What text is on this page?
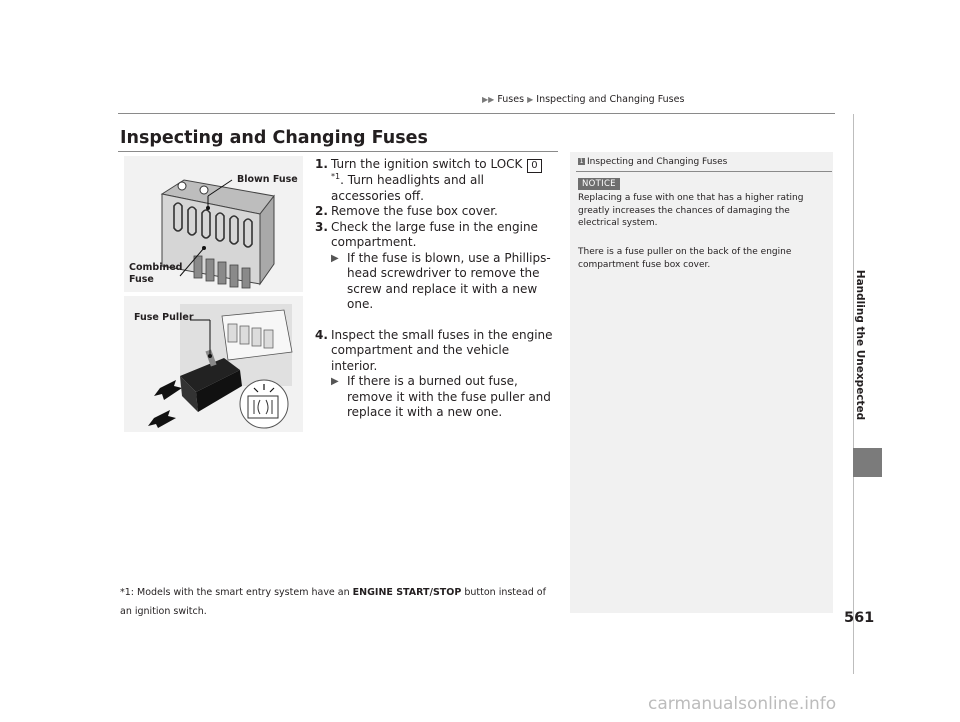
▶▶ Fuses ▶ Inspecting and Changing Fuses
Inspecting and Changing Fuses
Blown Fuse
Combined
Fuse
Fuse Puller
1. Turn the ignition switch to LOCK 0$^{*1}$. Turn headlights and all accessories off.
2. Remove the fuse box cover.
3. Check the large fuse in the engine compartment.
▶ If the fuse is blown, use a Phillips-head screwdriver to remove the screw and replace it with a new one.
4. Inspect the small fuses in the engine compartment and the vehicle interior.
▶ If there is a burned out fuse, remove it with the fuse puller and replace it with a new one.
*1: Models with the smart entry system have an ENGINE START/STOP button instead of an ignition switch.
1 Inspecting and Changing Fuses
NOTICE
Replacing a fuse with one that has a higher rating greatly increases the chances of damaging the electrical system.
There is a fuse puller on the back of the engine compartment fuse box cover.
Handling the Unexpected
561
carmanualsonline.info
